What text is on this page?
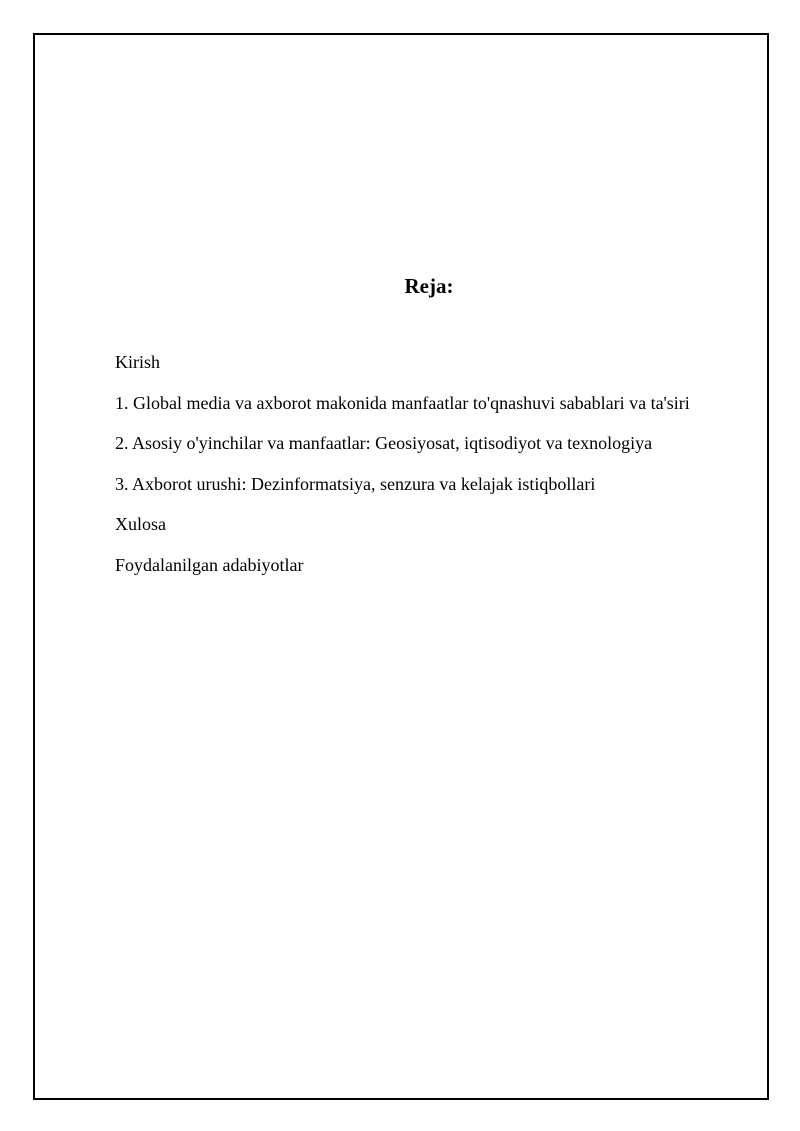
Reja:
Kirish
1. Global media va axborot makonida manfaatlar to'qnashuvi sabablari va ta'siri
2. Asosiy o'yinchilar va manfaatlar: Geosiyosat, iqtisodiyot va texnologiya
3. Axborot urushi: Dezinformatsiya, senzura va kelajak istiqbollari
Xulosa
Foydalanilgan adabiyotlar
